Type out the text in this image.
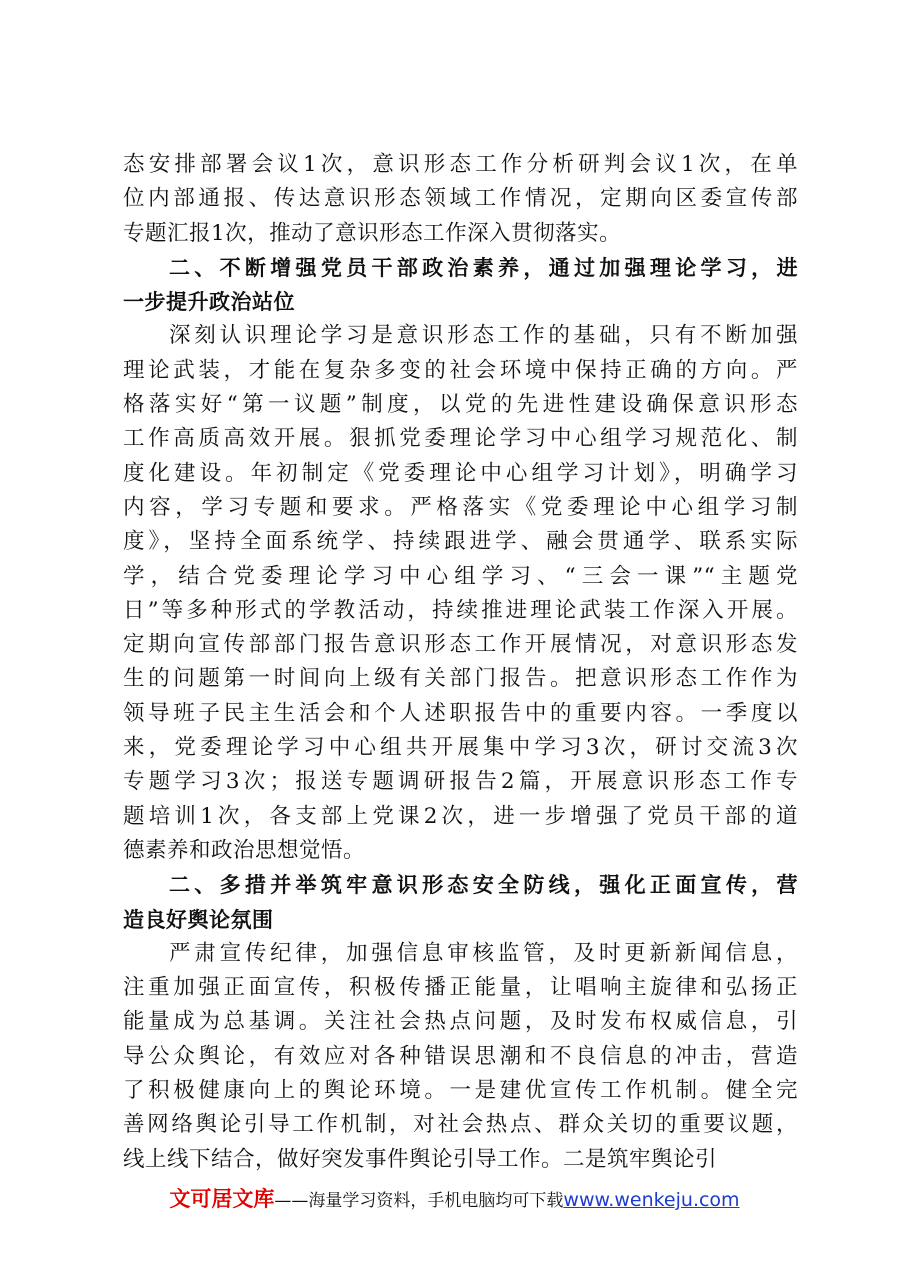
态安排部署会议1次，意识形态工作分析研判会议1次，在单
位内部通报、传达意识形态领域工作情况，定期向区委宣传部
专题汇报1次，推动了意识形态工作深入贯彻落实。
二、不断增强党员干部政治素养，通过加强理论学习，进
一步提升政治站位
深刻认识理论学习是意识形态工作的基础，只有不断加强
理论武装，才能在复杂多变的社会环境中保持正确的方向。严
格落实好“第一议题”制度，以党的先进性建设确保意识形态
工作高质高效开展。狠抓党委理论学习中心组学习规范化、制
度化建设。年初制定《党委理论中心组学习计划》，明确学习
内容，学习专题和要求。严格落实《党委理论中心组学习制
度》，坚持全面系统学、持续跟进学、融会贯通学、联系实际
学，结合党委理论学习中心组学习、“三会一课”“主题党
日”等多种形式的学教活动，持续推进理论武装工作深入开展。
定期向宣传部部门报告意识形态工作开展情况，对意识形态发
生的问题第一时间向上级有关部门报告。把意识形态工作作为
领导班子民主生活会和个人述职报告中的重要内容。一季度以
来，党委理论学习中心组共开展集中学习3次，研讨交流3次
专题学习3次；报送专题调研报告2篇，开展意识形态工作专
题培训1次，各支部上党课2次，进一步增强了党员干部的道
德素养和政治思想觉悟。
二、多措并举筑牢意识形态安全防线，强化正面宣传，营
造良好舆论氛围
严肃宣传纪律，加强信息审核监管，及时更新新闻信息，
注重加强正面宣传，积极传播正能量，让唱响主旋律和弘扬正
能量成为总基调。关注社会热点问题，及时发布权威信息，引
导公众舆论，有效应对各种错误思潮和不良信息的冲击，营造
了积极健康向上的舆论环境。一是建优宣传工作机制。健全完
善网络舆论引导工作机制，对社会热点、群众关切的重要议题，
线上线下结合，做好突发事件舆论引导工作。二是筑牢舆论引
文可居文库——海量学习资料，手机电脑均可下载www.wenkeju.com
